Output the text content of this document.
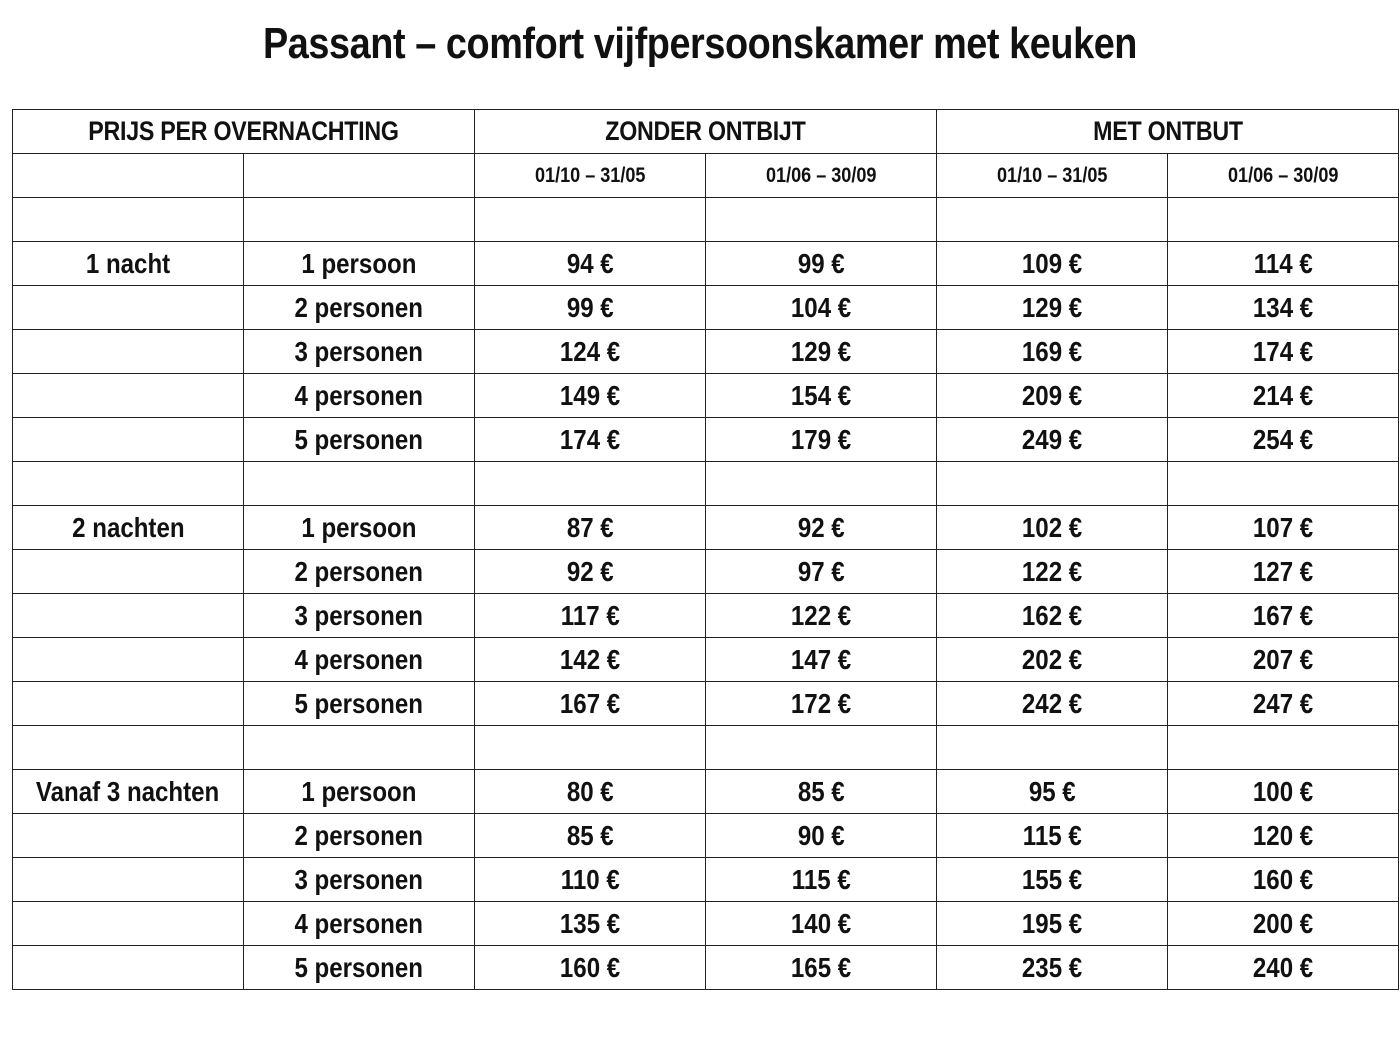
Passant – comfort vijfpersoonskamer met keuken
PRIJS PER OVERNACHTING		ZONDER ONTBIJT		MET ONTBUT	
		01/10 – 31/05	01/06 – 30/09	01/10 – 31/05	01/06 – 30/09

1 nacht	1 persoon	94 €	99 €	109 €	114 €
	2 personen	99 €	104 €	129 €	134 €
	3 personen	124 €	129 €	169 €	174 €
	4 personen	149 €	154 €	209 €	214 €
	5 personen	174 €	179 €	249 €	254 €

2 nachten	1 persoon	87 €	92 €	102 €	107 €
	2 personen	92 €	97 €	122 €	127 €
	3 personen	117 €	122 €	162 €	167 €
	4 personen	142 €	147 €	202 €	207 €
	5 personen	167 €	172 €	242 €	247 €

Vanaf 3 nachten	1 persoon	80 €	85 €	95 €	100 €
	2 personen	85 €	90 €	115 €	120 €
	3 personen	110 €	115 €	155 €	160 €
	4 personen	135 €	140 €	195 €	200 €
	5 personen	160 €	165 €	235 €	240 €
